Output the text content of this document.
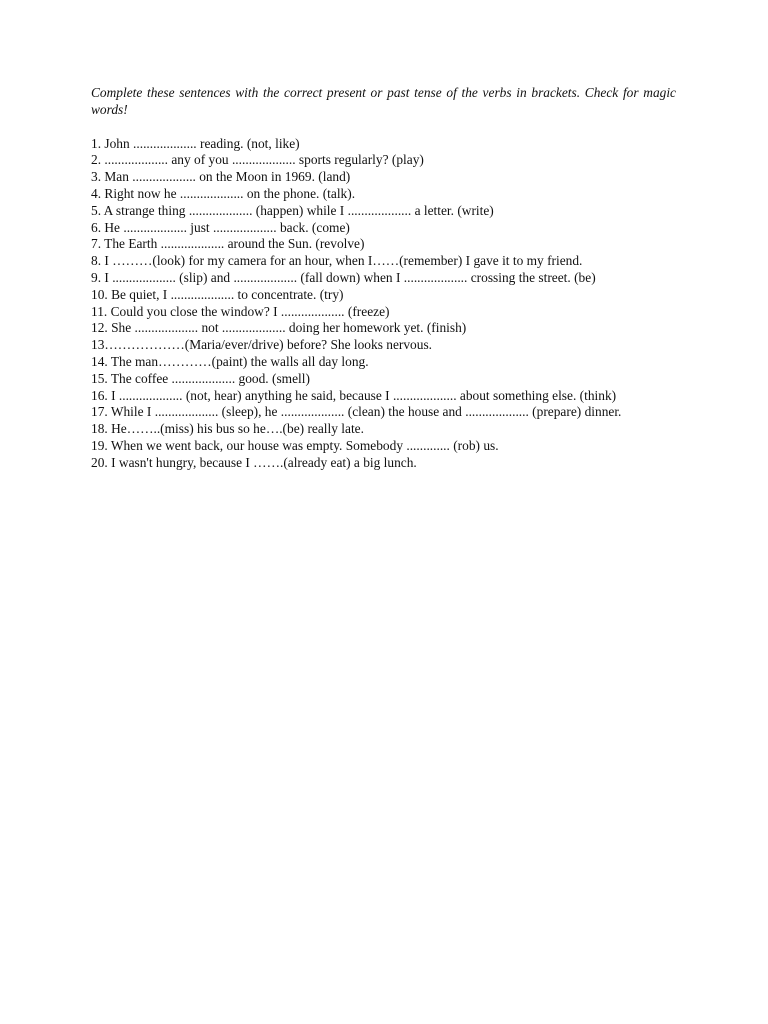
Complete these sentences with the correct present or past tense of the verbs in brackets. Check for magic words!

1. John ................... reading. (not, like)
2. ................... any of you ................... sports regularly? (play)
3. Man ................... on the Moon in 1969. (land)
4. Right now he ................... on the phone. (talk).
5. A strange thing ................... (happen) while I ................... a letter. (write)
6. He ................... just ................... back. (come)
7. The Earth ................... around the Sun. (revolve)
8. I ………(look) for my camera for an hour, when I……(remember) I gave it to my friend.
9. I ................... (slip) and ................... (fall down) when I ................... crossing the street. (be)
10. Be quiet, I ................... to concentrate. (try)
11. Could you close the window? I ................... (freeze)
12. She ................... not ................... doing her homework yet. (finish)
13………………(Maria/ever/drive) before? She looks nervous.
14. The man…………(paint) the walls all day long.
15. The coffee ................... good. (smell)
16. I ................... (not, hear) anything he said, because I ................... about something else. (think)
17. While I ................... (sleep), he ................... (clean) the house and ................... (prepare) dinner.
18. He……..(miss) his bus so he….(be) really late.
19. When we went back, our house was empty. Somebody ............. (rob) us.
20. I wasn't hungry, because I …….(already eat) a big lunch.
